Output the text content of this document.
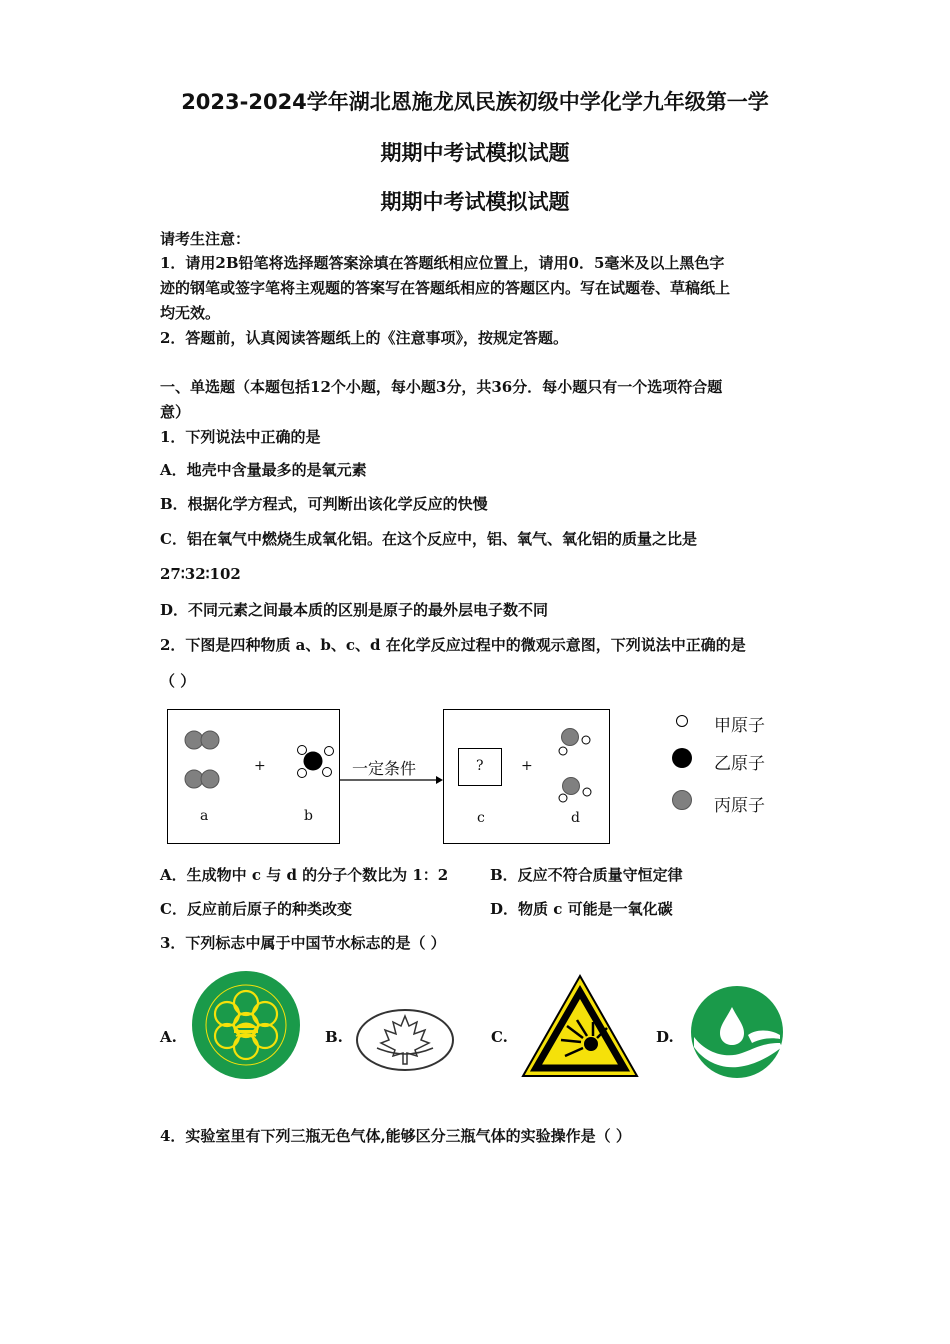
2023-2024学年湖北恩施龙凤民族初级中学化学九年级第一学
期期中考试模拟试题
期期中考试模拟试题
请考生注意：
1．请用2B铅笔将选择题答案涂填在答题纸相应位置上，请用0．5毫米及以上黑色字
迹的钢笔或签字笔将主观题的答案写在答题纸相应的答题区内。写在试题卷、草稿纸上
均无效。
2．答题前，认真阅读答题纸上的《注意事项》，按规定答题。
一、单选题（本题包括12个小题，每小题3分，共36分．每小题只有一个选项符合题
意）
1．下列说法中正确的是
A．地壳中含量最多的是氧元素
B．根据化学方程式，可判断出该化学反应的快慢
C．铝在氧气中燃烧生成氧化铝。在这个反应中，铝、氧气、氧化铝的质量之比是
27∶32∶102
D．不同元素之间最本质的区别是原子的最外层电子数不同
2．下图是四种物质 a、b、c、d 在化学反应过程中的微观示意图，下列说法中正确的是
（ ）
+
a	b
一定条件	?	+
c	d
甲原子
乙原子
丙原子
A．生成物中 c 与 d 的分子个数比为 1：2	B．反应不符合质量守恒定律
C．反应前后原子的种类改变	D．物质 c 可能是一氧化碳
3．下列标志中属于中国节水标志的是（ ）
A.	B.	C.	D.
4．实验室里有下列三瓶无色气体,能够区分三瓶气体的实验操作是（ ）
